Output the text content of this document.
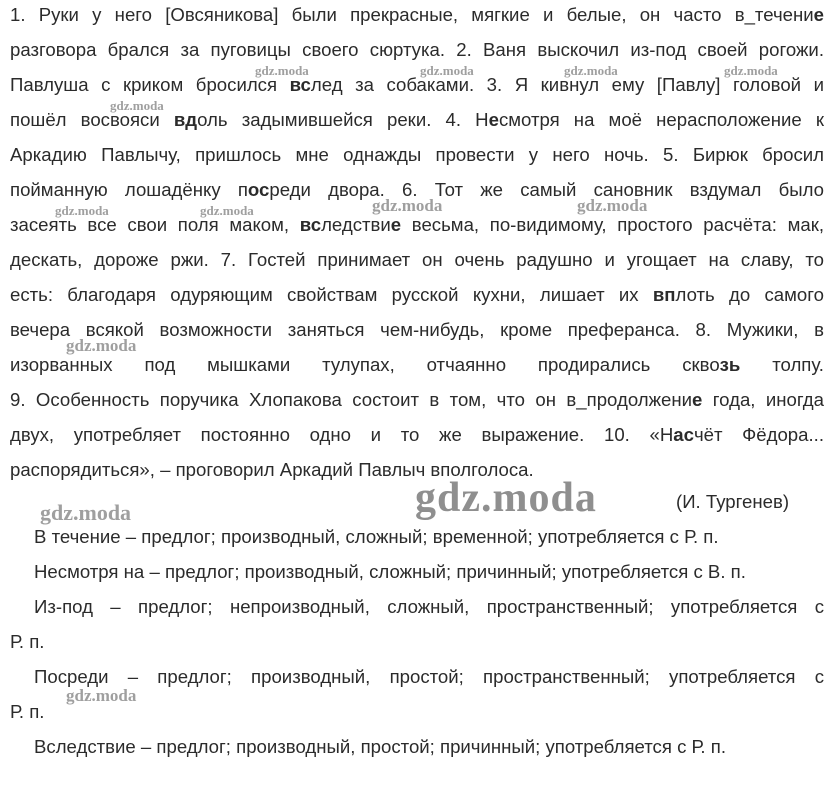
1. Руки у него [Овсяникова] были прекрасные, мягкие и белые, он часто в_течение
разговора брался за пуговицы своего сюртука. 2. Ваня выскочил из-под своей рогожи.
Павлуша с криком бросился вслед за собаками. 3. Я кивнул ему [Павлу] головой и
пошёл восвояси вдоль задымившейся реки. 4. Несмотря на моё нерасположение к
Аркадию Павлычу, пришлось мне однажды провести у него ночь. 5. Бирюк бросил
пойманную лошадёнку посреди двора. 6. Тот же самый сановник вздумал было
засеять все свои поля маком, вследствие весьма, по-видимому, простого расчёта: мак,
дескать, дороже ржи. 7. Гостей принимает он очень радушно и угощает на славу, то
есть: благодаря одуряющим свойствам русской кухни, лишает их вплоть до самого
вечера всякой возможности заняться чем-нибудь, кроме преферанса. 8. Мужики, в
изорванных под мышками тулупах, отчаянно продирались сквозь толпу.
9. Особенность поручика Хлопакова состоит в том, что он в_продолжение года, иногда
двух, употребляет постоянно одно и то же выражение. 10. «Насчёт Фёдора...
распорядиться», – проговорил Аркадий Павлыч вполголоса.
(И. Тургенев)
В течение – предлог; производный, сложный; временной; употребляется с Р. п.
Несмотря на – предлог; производный, сложный; причинный; употребляется с В. п.
Из-под – предлог; непроизводный, сложный, пространственный; употребляется с
Р. п.
Посреди – предлог; производный, простой; пространственный; употребляется с
Р. п.
Вследствие – предлог; производный, простой; причинный; употребляется с Р. п.
gdz.moda	gdz.moda	gdz.moda	gdz.moda
gdz.moda
gdz.moda	gdz.moda	gdz.moda	gdz.moda
gdz.moda
gdz.moda	gdz.moda
gdz.moda
